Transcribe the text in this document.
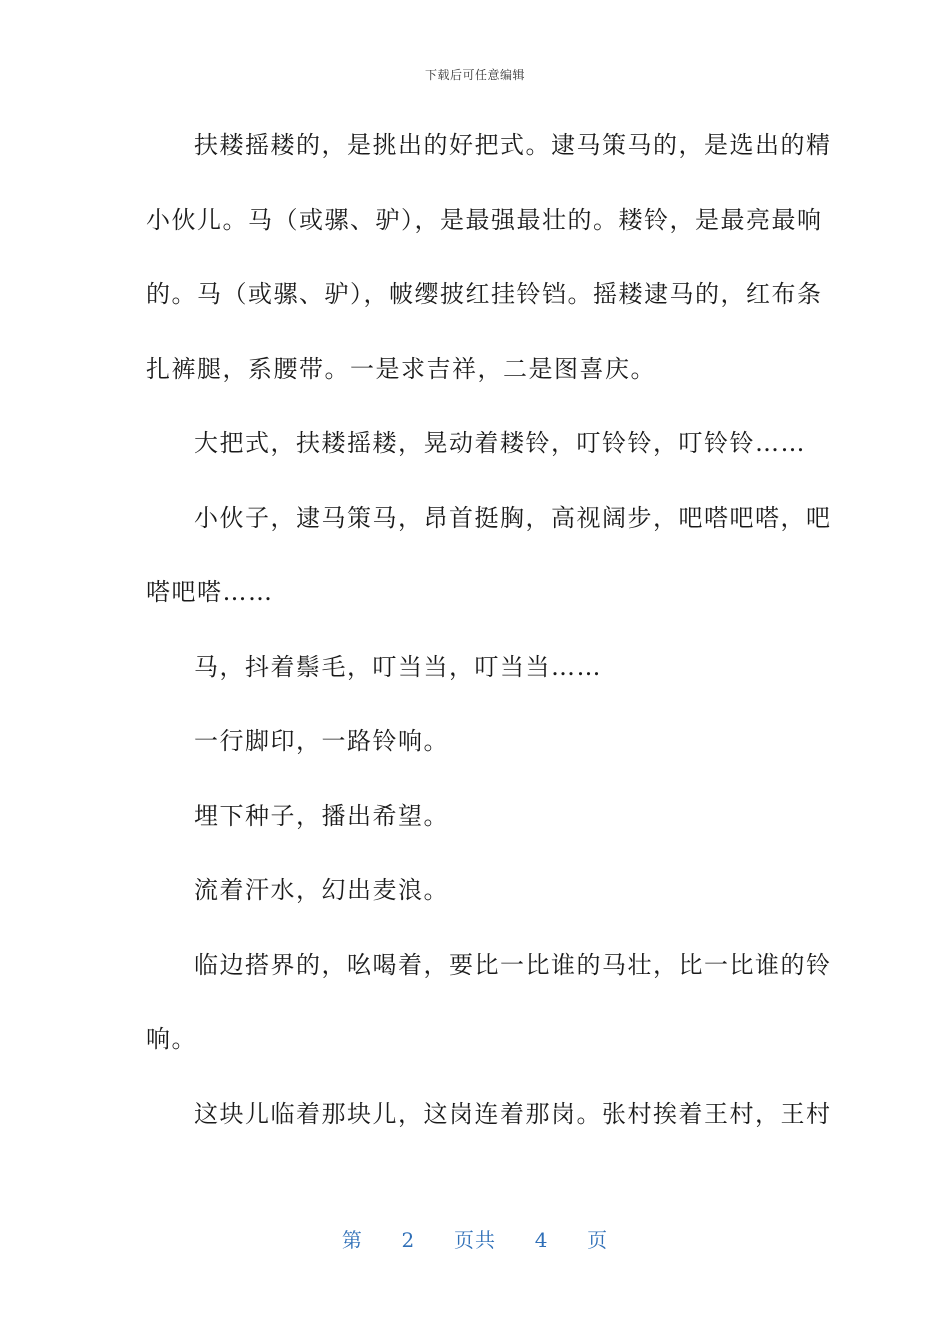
下载后可任意编辑
扶耧摇耧的，是挑出的好把式。逮马策马的，是选出的精
小伙儿。马（或骡、驴），是最强最壮的。耧铃，是最亮最响
的。马（或骡、驴），帔缨披红挂铃铛。摇耧逮马的，红布条
扎裤腿，系腰带。一是求吉祥，二是图喜庆。
大把式，扶耧摇耧，晃动着耧铃，叮铃铃，叮铃铃……
小伙子，逮马策马，昂首挺胸，高视阔步，吧嗒吧嗒，吧
嗒吧嗒……
马，抖着鬃毛，叮当当，叮当当……
一行脚印，一路铃响。
埋下种子，播出希望。
流着汗水，幻出麦浪。
临边搭界的，吆喝着，要比一比谁的马壮，比一比谁的铃
响。
这块儿临着那块儿，这岗连着那岗。张村挨着王村，王村
第 2 页共 4 页
